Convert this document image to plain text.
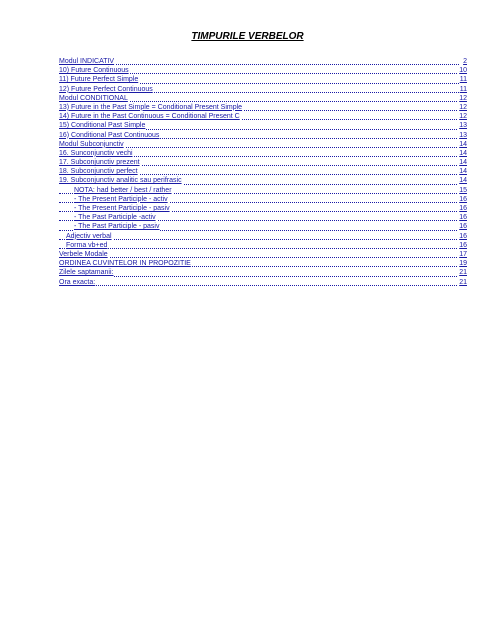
TIMPURILE VERBELOR
Modul INDICATIV	2
10) Future Continuous	10
11) Future Perfect Simple	11
12) Future Perfect Continuous	11
Modul CONDITIONAL	12
13) Future in the Past Simple = Conditional Present Simple	12
14) Future in the Past Continuous = Conditional Present C	12
15) Conditional Past Simple	13
16) Conditional Past Continuous	13
Modul Subconjunctiv	14
16. Sunconjunctiv vechi	14
17. Subconjunctiv prezent	14
18. Subconjunctiv perfect	14
19. Subconjunctiv analitic sau perifrasic	14
NOTA: had better / best / rather	15
- The Present Participle - activ	16
- The Present Participle - pasiv	16
- The Past Participle -activ	16
- The Past Participle - pasiv	16
Adjectiv verbal	16
Forma vb+ed	16
Verbele Modale	17
ORDINEA CUVINTELOR IN PROPOZITIE	19
Zilele saptamanii:	21
Ora exacta:	21
